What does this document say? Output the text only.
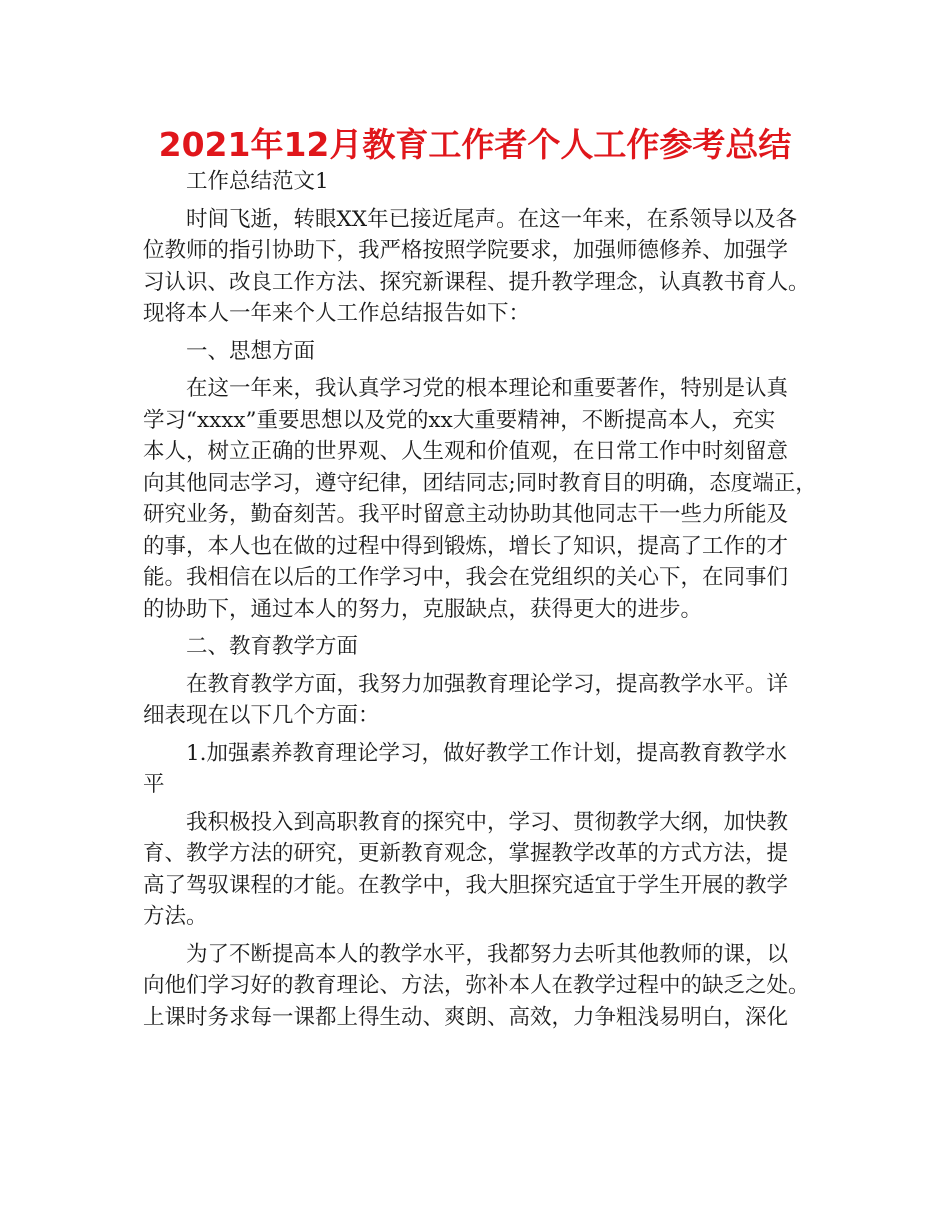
2021年12月教育工作者个人工作参考总结
工作总结范文1
时间飞逝，转眼XX年已接近尾声。在这一年来，在系领导以及各
位教师的指引协助下，我严格按照学院要求，加强师德修养、加强学
习认识、改良工作方法、探究新课程、提升教学理念，认真教书育人。
现将本人一年来个人工作总结报告如下：
一、思想方面
在这一年来，我认真学习党的根本理论和重要著作，特别是认真
学习“xxxx”重要思想以及党的xx大重要精神，不断提高本人，充实
本人，树立正确的世界观、人生观和价值观，在日常工作中时刻留意
向其他同志学习，遵守纪律，团结同志;同时教育目的明确，态度端正，
研究业务，勤奋刻苦。我平时留意主动协助其他同志干一些力所能及
的事，本人也在做的过程中得到锻炼，增长了知识，提高了工作的才
能。我相信在以后的工作学习中，我会在党组织的关心下，在同事们
的协助下，通过本人的努力，克服缺点，获得更大的进步。
二、教育教学方面
在教育教学方面，我努力加强教育理论学习，提高教学水平。详
细表现在以下几个方面：
1.加强素养教育理论学习，做好教学工作计划，提高教育教学水
平
我积极投入到高职教育的探究中，学习、贯彻教学大纲，加快教
育、教学方法的研究，更新教育观念，掌握教学改革的方式方法，提
高了驾驭课程的才能。在教学中，我大胆探究适宜于学生开展的教学
方法。
为了不断提高本人的教学水平，我都努力去听其他教师的课，以
向他们学习好的教育理论、方法，弥补本人在教学过程中的缺乏之处。
上课时务求每一课都上得生动、爽朗、高效，力争粗浅易明白，深化
